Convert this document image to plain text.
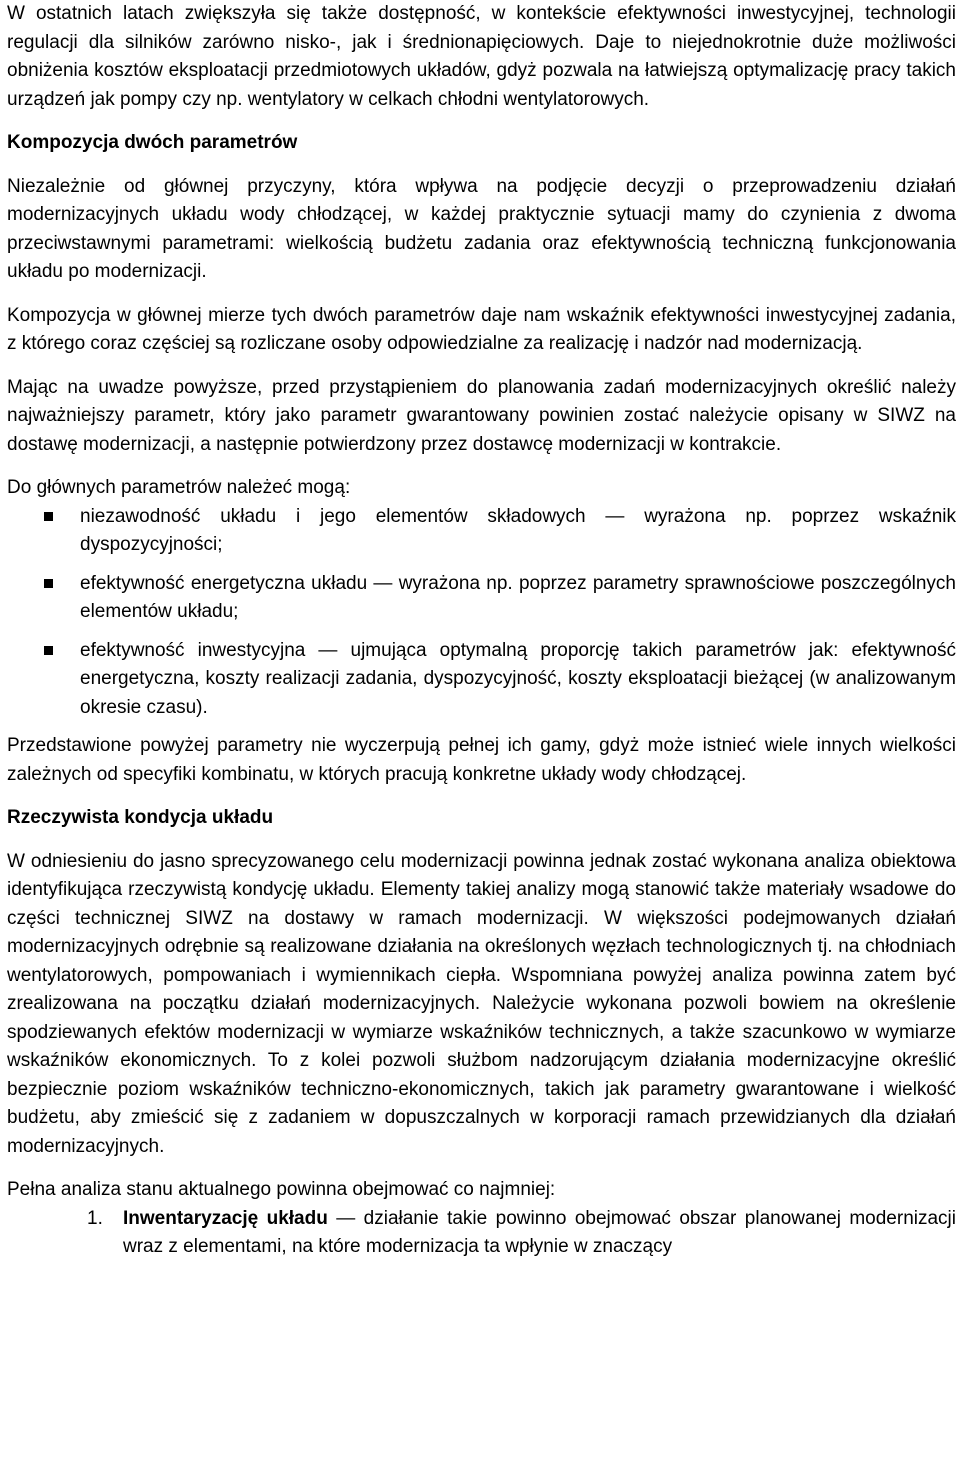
W ostatnich latach zwiększyła się także dostępność, w kontekście efektywności inwestycyjnej, technologii regulacji dla silników zarówno nisko-, jak i średnionapięciowych. Daje to niejednokrotnie duże możliwości obniżenia kosztów eksploatacji przedmiotowych układów, gdyż pozwala na łatwiejszą optymalizację pracy takich urządzeń jak pompy czy np. wentylatory w celkach chłodni wentylatorowych.

Kompozycja dwóch parametrów

Niezależnie od głównej przyczyny, która wpływa na podjęcie decyzji o przeprowadzeniu działań modernizacyjnych układu wody chłodzącej, w każdej praktycznie sytuacji mamy do czynienia z dwoma przeciwstawnymi parametrami: wielkością budżetu zadania oraz efektywnością techniczną funkcjonowania układu po modernizacji.

Kompozycja w głównej mierze tych dwóch parametrów daje nam wskaźnik efektywności inwestycyjnej zadania, z którego coraz częściej są rozliczane osoby odpowiedzialne za realizację i nadzór nad modernizacją.

Mając na uwadze powyższe, przed przystąpieniem do planowania zadań modernizacyjnych określić należy najważniejszy parametr, który jako parametr gwarantowany powinien zostać należycie opisany w SIWZ na dostawę modernizacji, a następnie potwierdzony przez dostawcę modernizacji w kontrakcie.

Do głównych parametrów należeć mogą:

niezawodność układu i jego elementów składowych — wyrażona np. poprzez wskaźnik dyspozycyjności;

efektywność energetyczna układu — wyrażona np. poprzez parametry sprawnościowe poszczególnych elementów układu;

efektywność inwestycyjna — ujmująca optymalną proporcję takich parametrów jak: efektywność energetyczna, koszty realizacji zadania, dyspozycyjność, koszty eksploatacji bieżącej (w analizowanym okresie czasu).

Przedstawione powyżej parametry nie wyczerpują pełnej ich gamy, gdyż może istnieć wiele innych wielkości zależnych od specyfiki kombinatu, w których pracują konkretne układy wody chłodzącej.

Rzeczywista kondycja układu

W odniesieniu do jasno sprecyzowanego celu modernizacji powinna jednak zostać wykonana analiza obiektowa identyfikująca rzeczywistą kondycję układu. Elementy takiej analizy mogą stanowić także materiały wsadowe do części technicznej SIWZ na dostawy w ramach modernizacji. W większości podejmowanych działań modernizacyjnych odrębnie są realizowane działania na określonych węzłach technologicznych tj. na chłodniach wentylatorowych, pompowaniach i wymiennikach ciepła. Wspomniana powyżej analiza powinna zatem być zrealizowana na początku działań modernizacyjnych. Należycie wykonana pozwoli bowiem na określenie spodziewanych efektów modernizacji w wymiarze wskaźników technicznych, a także szacunkowo w wymiarze wskaźników ekonomicznych. To z kolei pozwoli służbom nadzorującym działania modernizacyjne określić bezpiecznie poziom wskaźników techniczno-ekonomicznych, takich jak parametry gwarantowane i wielkość budżetu, aby zmieścić się z zadaniem w dopuszczalnych w korporacji ramach przewidzianych dla działań modernizacyjnych.

Pełna analiza stanu aktualnego powinna obejmować co najmniej:

1. Inwentaryzację układu — działanie takie powinno obejmować obszar planowanej modernizacji wraz z elementami, na które modernizacja ta wpłynie w znaczący
